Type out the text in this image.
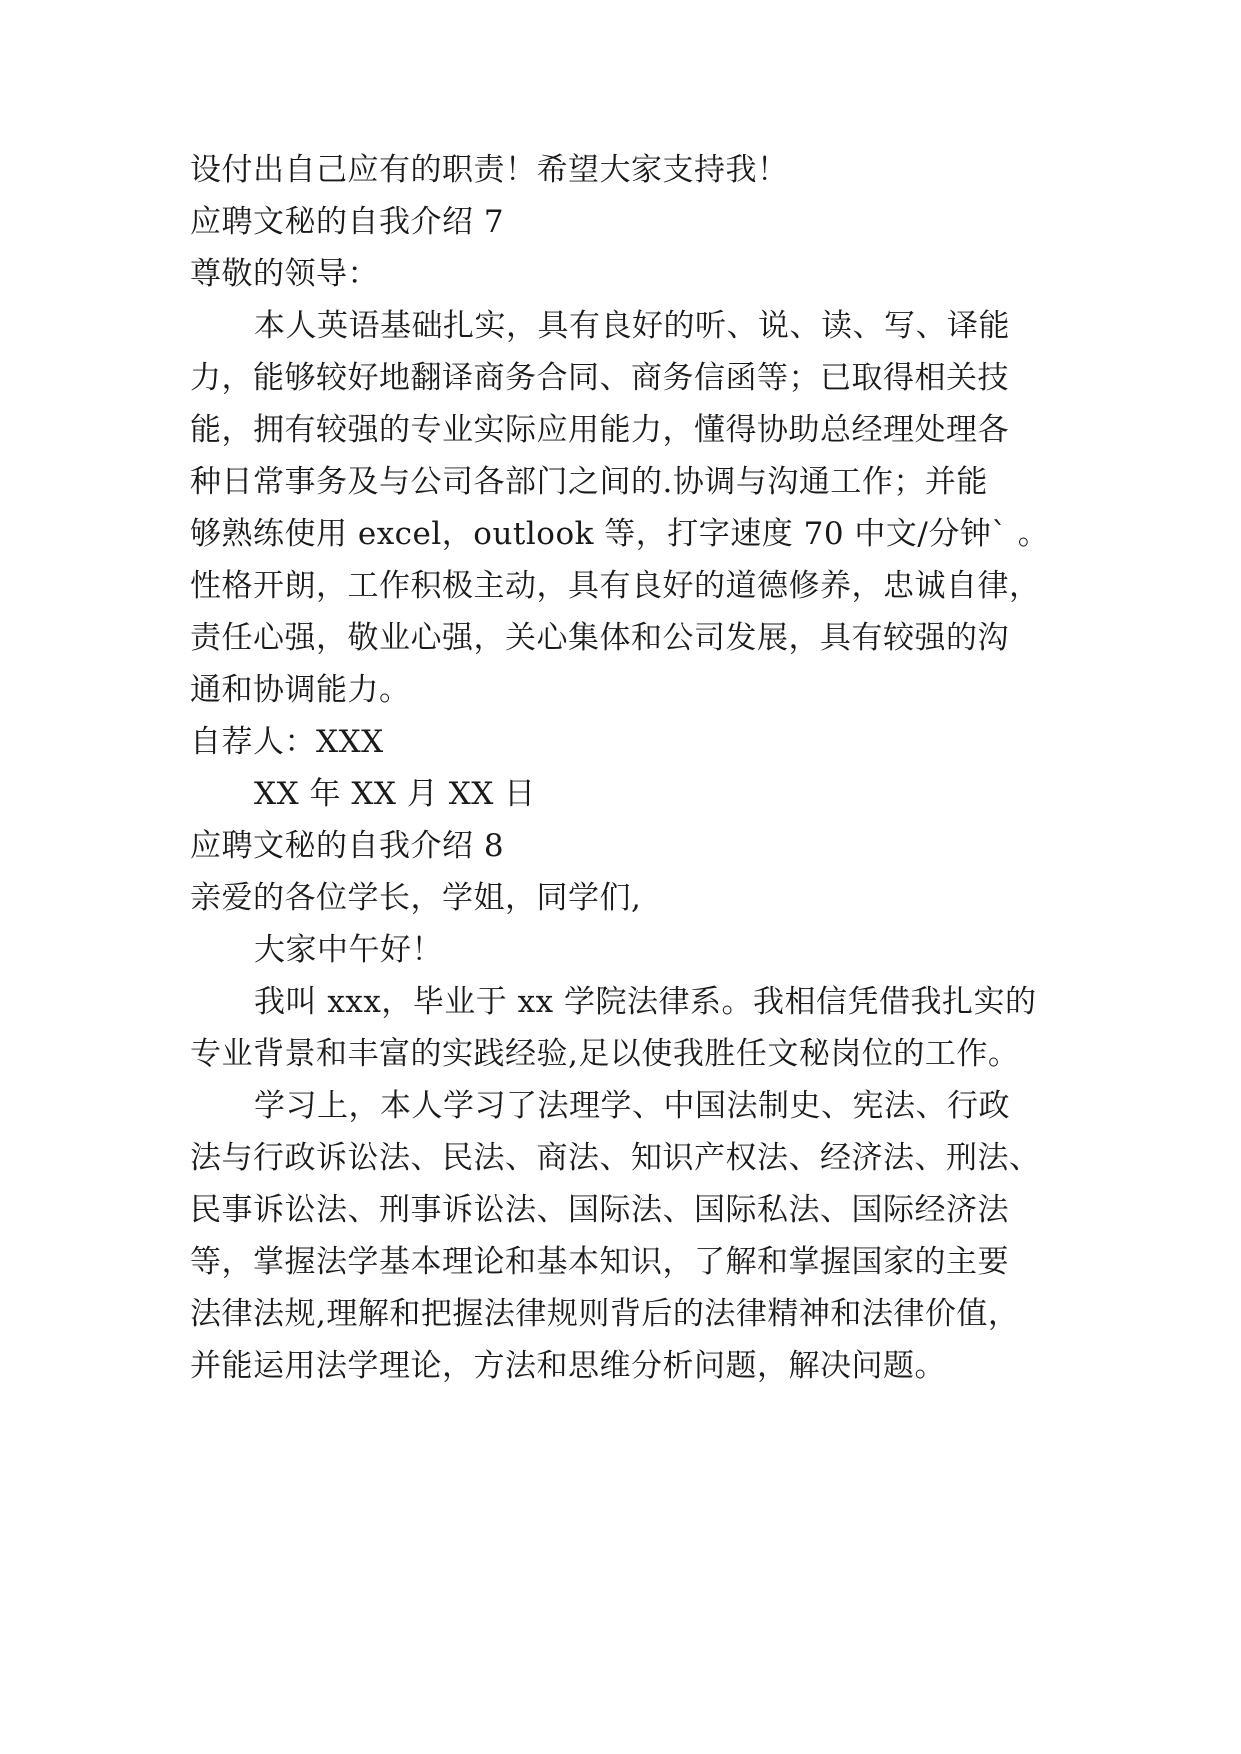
设付出自己应有的职责！希望大家支持我！
应聘文秘的自我介绍 7
尊敬的领导：
本人英语基础扎实，具有良好的听、说、读、写、译能
力，能够较好地翻译商务合同、商务信函等；已取得相关技
能，拥有较强的专业实际应用能力，懂得协助总经理处理各
种日常事务及与公司各部门之间的.协调与沟通工作；并能
够熟练使用 excel，outlook 等，打字速度 70 中文/分钟` 。
性格开朗，工作积极主动，具有良好的道德修养，忠诚自律，
责任心强，敬业心强，关心集体和公司发展，具有较强的沟
通和协调能力。
自荐人：XXX
XX 年 XX 月 XX 日
应聘文秘的自我介绍 8
亲爱的各位学长，学姐，同学们,
大家中午好！
我叫 xxx，毕业于 xx 学院法律系。我相信凭借我扎实的
专业背景和丰富的实践经验,足以使我胜任文秘岗位的工作。
学习上，本人学习了法理学、中国法制史、宪法、行政
法与行政诉讼法、民法、商法、知识产权法、经济法、刑法、
民事诉讼法、刑事诉讼法、国际法、国际私法、国际经济法
等，掌握法学基本理论和基本知识，了解和掌握国家的主要
法律法规,理解和把握法律规则背后的法律精神和法律价值，
并能运用法学理论，方法和思维分析问题，解决问题。
